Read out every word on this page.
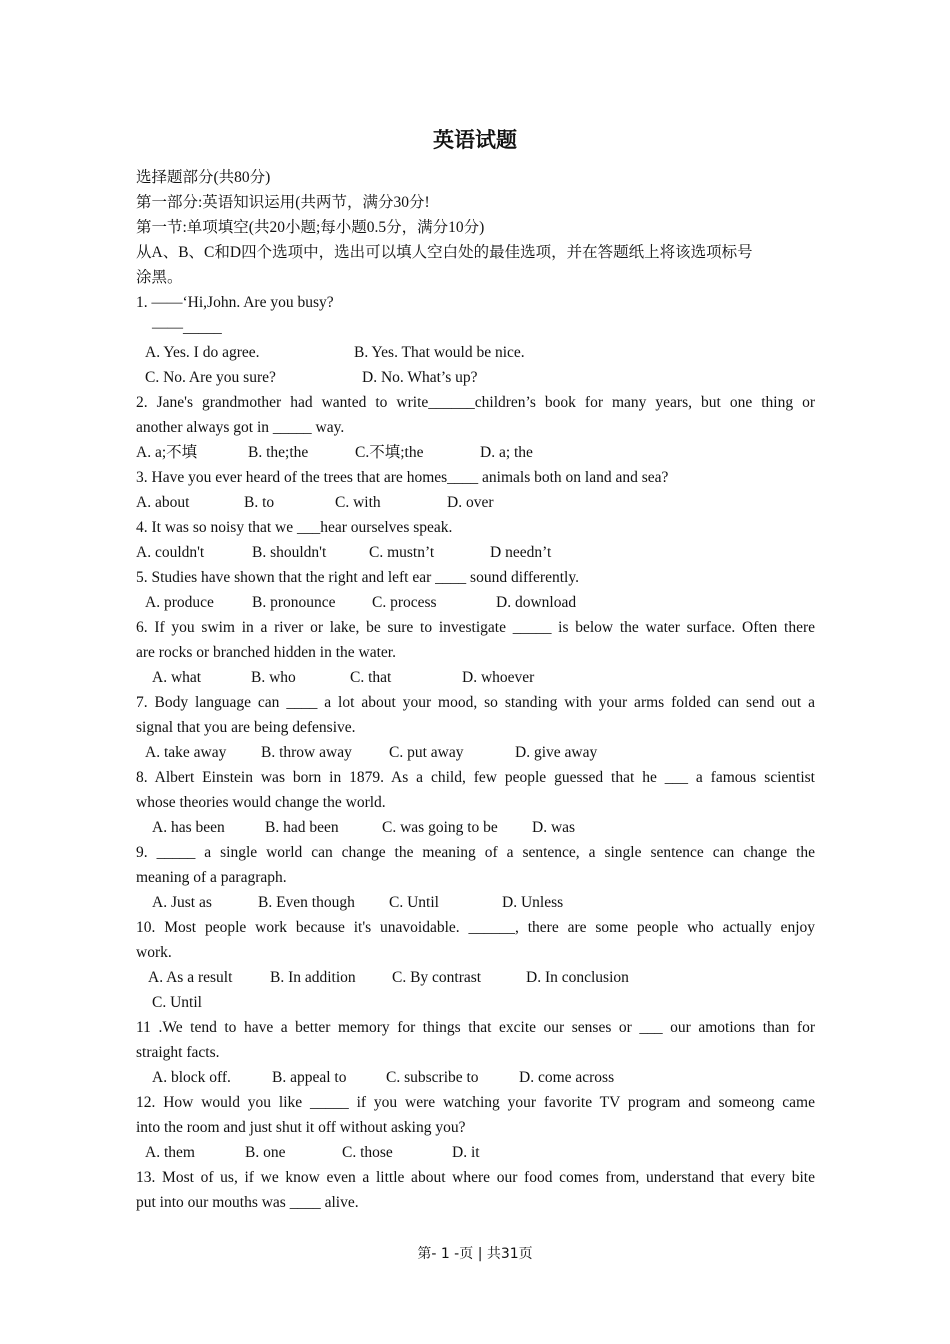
英语试题
选择题部分(共80分)
第一部分:英语知识运用(共两节，满分30分!
第一节:单项填空(共20小题;每小题0.5分，满分10分)
从A、B、C和D四个选项中，选出可以填人空白处的最佳选项，并在答题纸上将该选项标号
涂黑。
1. ——‘Hi,John. Are you busy?
——_____
A. Yes. I do agree.	B. Yes. That would be nice.
C. No. Are you sure?	D. No. What’s up?
2. Jane's grandmother had wanted to write______children’s book for many years, but one thing or
another always got in _____ way.
A. a;不填	B. the;the	C.不填;the	D. a; the
3. Have you ever heard of the trees that are homes____ animals both on land and sea?
A. about	B. to	C. with	D. over
4. It was so noisy that we ___hear ourselves speak.
A. couldn't	B. shouldn't	C. mustn’t	D needn’t
5. Studies have shown that the right and left ear ____ sound differently.
A. produce B. pronounce C. process	D. download
6. If you swim in a river or lake, be sure to investigate _____ is below the water surface. Often there
are rocks or branched hidden in the water.
A. what	B. who	C. that	D. whoever
7. Body language can ____ a lot about your mood, so standing with your arms folded can send out a
signal that you are being defensive.
A. take away B. throw away C. put away	D. give away
8. Albert Einstein was born in 1879. As a child, few people guessed that he ___ a famous scientist
whose theories would change the world.
A. has been	B. had been	C. was going to be D. was
9. _____ a single world can change the meaning of a sentence, a single sentence can change the
meaning of a paragraph.
A. Just as	B. Even though C. Until	D. Unless
10. Most people work because it's unavoidable. ______, there are some people who actually enjoy
work.
A. As a result B. In addition C. By contrast	D. In conclusion
C. Until
11 .We tend to have a better memory for things that excite our senses or ___ our amotions than for
straight facts.
A. block off.	B. appeal to	C. subscribe to	D. come across
12. How would you like _____ if you were watching your favorite TV program and someong came
into the room and just shut it off without asking you?
A. them	B. one	C. those	D. it
13. Most of us, if we know even a little about where our food comes from, understand that every bite
put into our mouths was ____ alive.
第- 1 -页 | 共31页
